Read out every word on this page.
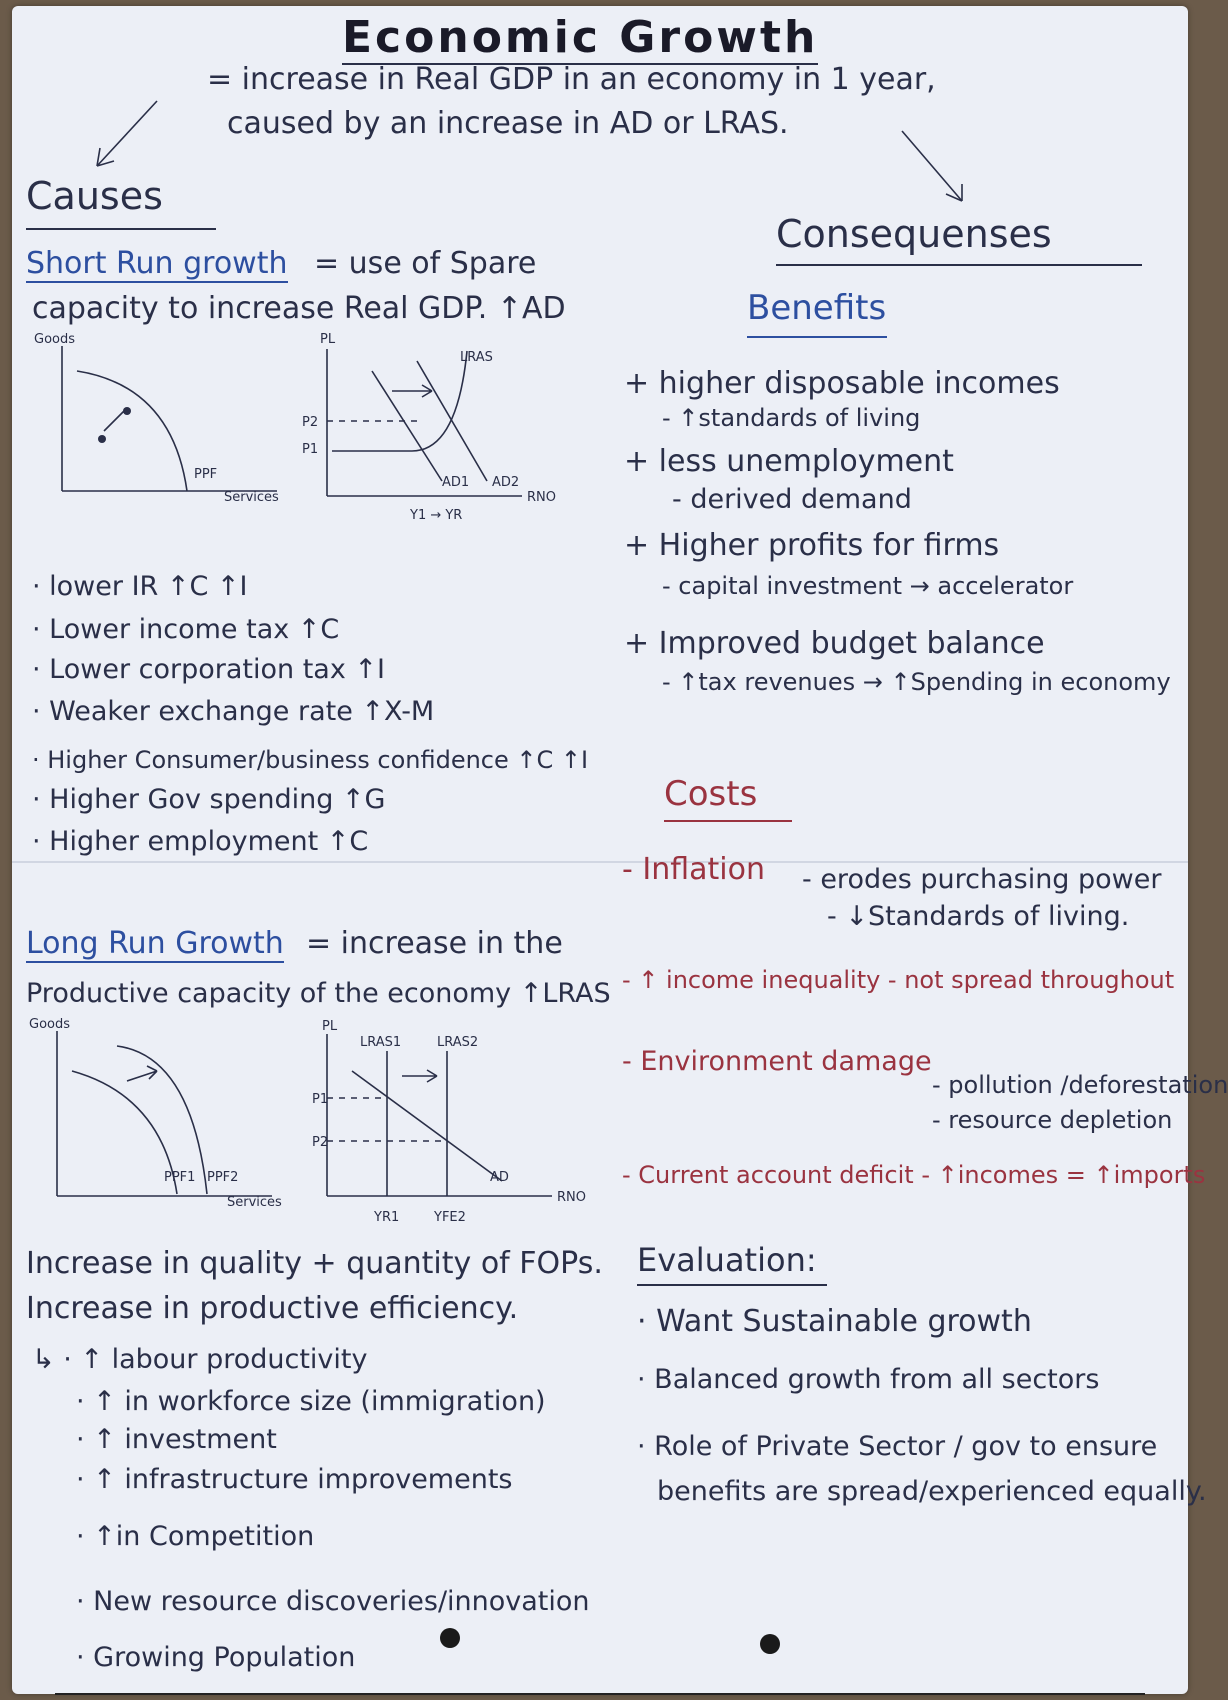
Economic Growth
= increase in Real GDP in an economy in 1 year,
caused by an increase in AD or LRAS.
Causes
Short Run growth = use of Spare
capacity to increase Real GDP. ↑AD
Goods
PPF
Services
PL
LRAS
P2
P1
AD1 AD2
RNO
Y1 → YR
· lower IR ↑C ↑I
· Lower income tax ↑C
· Lower corporation tax ↑I
· Weaker exchange rate ↑X-M
· Higher Consumer/business confidence ↑C ↑I
· Higher Gov spending ↑G
· Higher employment ↑C
Long Run Growth = increase in the
Productive capacity of the economy ↑LRAS
Goods
PPF1 PPF2
Services
PL
LRAS1	LRAS2
P1
P2
AD
RNO
YR1	YFE2
Increase in quality + quantity of FOPs.
Increase in productive efficiency.
↳ · ↑ labour productivity
· ↑ in workforce size (immigration)
· ↑ investment
· ↑ infrastructure improvements
· ↑in Competition
· New resource discoveries/innovation
· Growing Population
Consequenses
Benefits
+ higher disposable incomes
- ↑standards of living
+ less unemployment
- derived demand
+ Higher profits for firms
- capital investment → accelerator
+ Improved budget balance
- ↑tax revenues → ↑Spending in economy
Costs
- Inflation - erodes purchasing power
- ↓Standards of living.
- ↑ income inequality - not spread throughout
- Environment damage
- pollution /deforestation
- resource depletion
- Current account deficit - ↑incomes = ↑imports
Evaluation:
· Want Sustainable growth
· Balanced growth from all sectors
· Role of Private Sector / gov to ensure
benefits are spread/experienced equally.
